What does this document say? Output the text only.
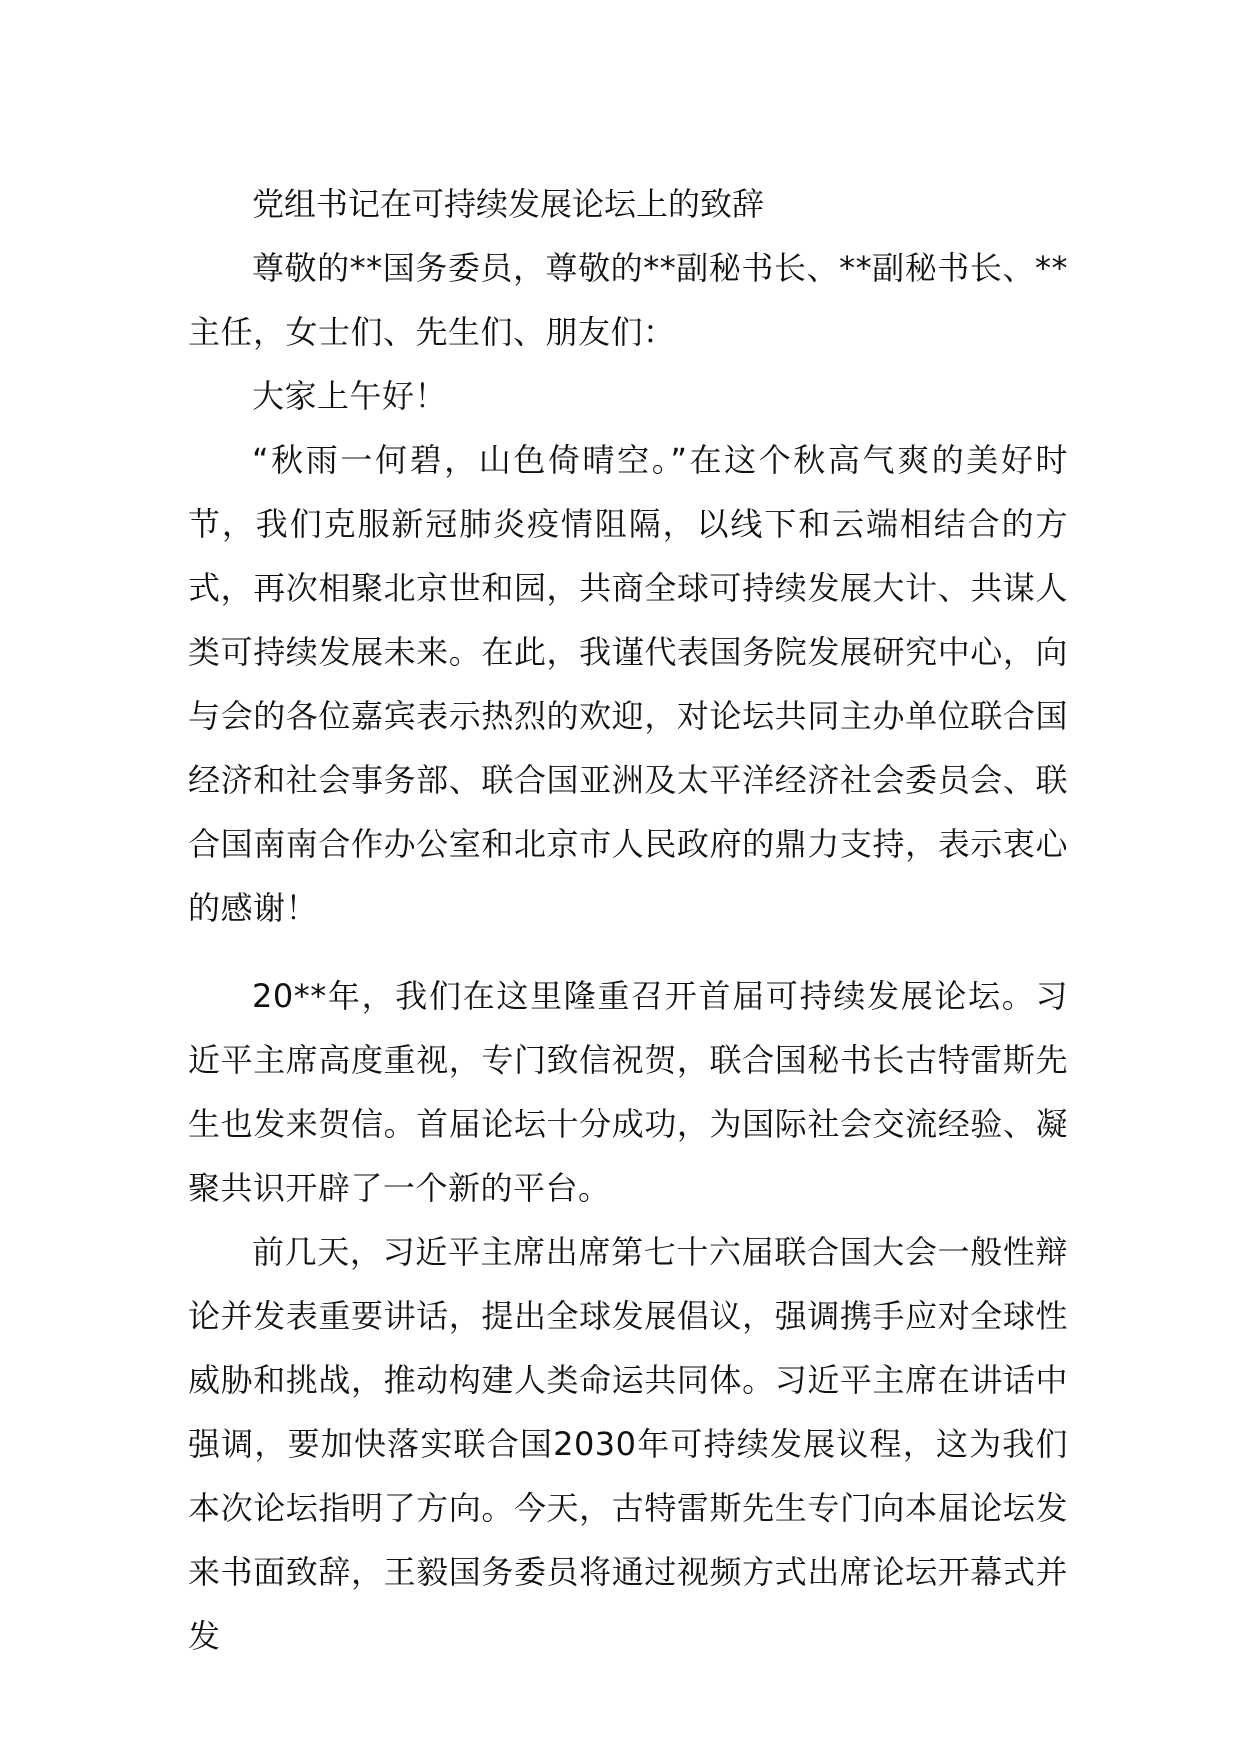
党组书记在可持续发展论坛上的致辞

尊敬的**国务委员，尊敬的**副秘书长、**副秘书长、**主任，女士们、先生们、朋友们：

大家上午好！

“秋雨一何碧，山色倚晴空。”在这个秋高气爽的美好时节，我们克服新冠肺炎疫情阻隔，以线下和云端相结合的方式，再次相聚北京世和园，共商全球可持续发展大计、共谋人类可持续发展未来。在此，我谨代表国务院发展研究中心，向与会的各位嘉宾表示热烈的欢迎，对论坛共同主办单位联合国经济和社会事务部、联合国亚洲及太平洋经济社会委员会、联合国南南合作办公室和北京市人民政府的鼎力支持，表示衷心的感谢！

20**年，我们在这里隆重召开首届可持续发展论坛。习近平主席高度重视，专门致信祝贺，联合国秘书长古特雷斯先生也发来贺信。首届论坛十分成功，为国际社会交流经验、凝聚共识开辟了一个新的平台。

前几天，习近平主席出席第七十六届联合国大会一般性辩论并发表重要讲话，提出全球发展倡议，强调携手应对全球性威胁和挑战，推动构建人类命运共同体。习近平主席在讲话中强调，要加快落实联合国2030年可持续发展议程，这为我们本次论坛指明了方向。今天，古特雷斯先生专门向本届论坛发来书面致辞，王毅国务委员将通过视频方式出席论坛开幕式并发
